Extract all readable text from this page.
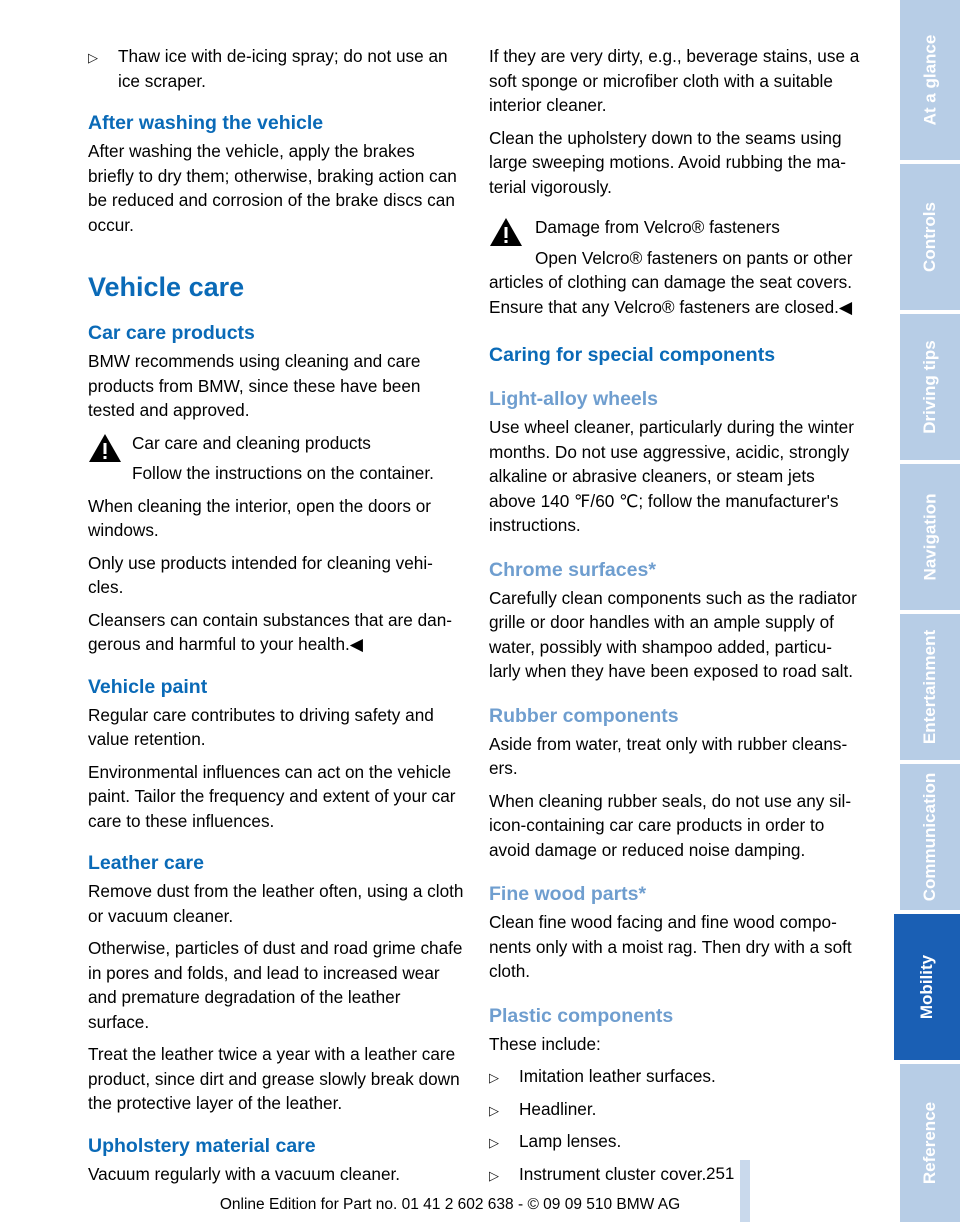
▷	Thaw ice with de-icing spray; do not use an ice scraper.
After washing the vehicle

After washing the vehicle, apply the brakes briefly to dry them; otherwise, braking action can be reduced and corrosion of the brake discs can occur.

Vehicle care
Car care products

BMW recommends using cleaning and care products from BMW, since these have been tested and approved.

Car care and cleaning products
Follow the instructions on the container.

When cleaning the interior, open the doors or windows.

Only use products intended for cleaning vehi-cles.

Cleansers can contain substances that are dan-gerous and harmful to your health.◀

Vehicle paint

Regular care contributes to driving safety and value retention.

Environmental influences can act on the vehicle paint. Tailor the frequency and extent of your car care to these influences.

Leather care

Remove dust from the leather often, using a cloth or vacuum cleaner.

Otherwise, particles of dust and road grime chafe in pores and folds, and lead to increased wear and premature degradation of the leather surface.

Treat the leather twice a year with a leather care product, since dirt and grease slowly break down the protective layer of the leather.

Upholstery material care

Vacuum regularly with a vacuum cleaner.

If they are very dirty, e.g., beverage stains, use a soft sponge or microfiber cloth with a suitable interior cleaner.

Clean the upholstery down to the seams using large sweeping motions. Avoid rubbing the ma-terial vigorously.

Damage from Velcro® fasteners
Open Velcro® fasteners on pants or other
articles of clothing can damage the seat covers. Ensure that any Velcro® fasteners are closed.◀
Caring for special components
Light-alloy wheels

Use wheel cleaner, particularly during the winter months. Do not use aggressive, acidic, strongly alkaline or abrasive cleaners, or steam jets above 140 ℉/60 ℃; follow the manufacturer's instructions.

Chrome surfaces*

Carefully clean components such as the radiator grille or door handles with an ample supply of water, possibly with shampoo added, particu-larly when they have been exposed to road salt.

Rubber components

Aside from water, treat only with rubber cleans-ers.

When cleaning rubber seals, do not use any sil-icon-containing car care products in order to avoid damage or reduced noise damping.

Fine wood parts*

Clean fine wood facing and fine wood compo-nents only with a moist rag. Then dry with a soft cloth.

Plastic components

These include:

▷	Imitation leather surfaces.
▷	Headliner.
▷	Lamp lenses.
▷	Instrument cluster cover.
At a glance
Controls
Driving tips
Navigation
Entertainment
Communication
Mobility
Reference
251
Online Edition for Part no. 01 41 2 602 638 - © 09 09 510 BMW AG
